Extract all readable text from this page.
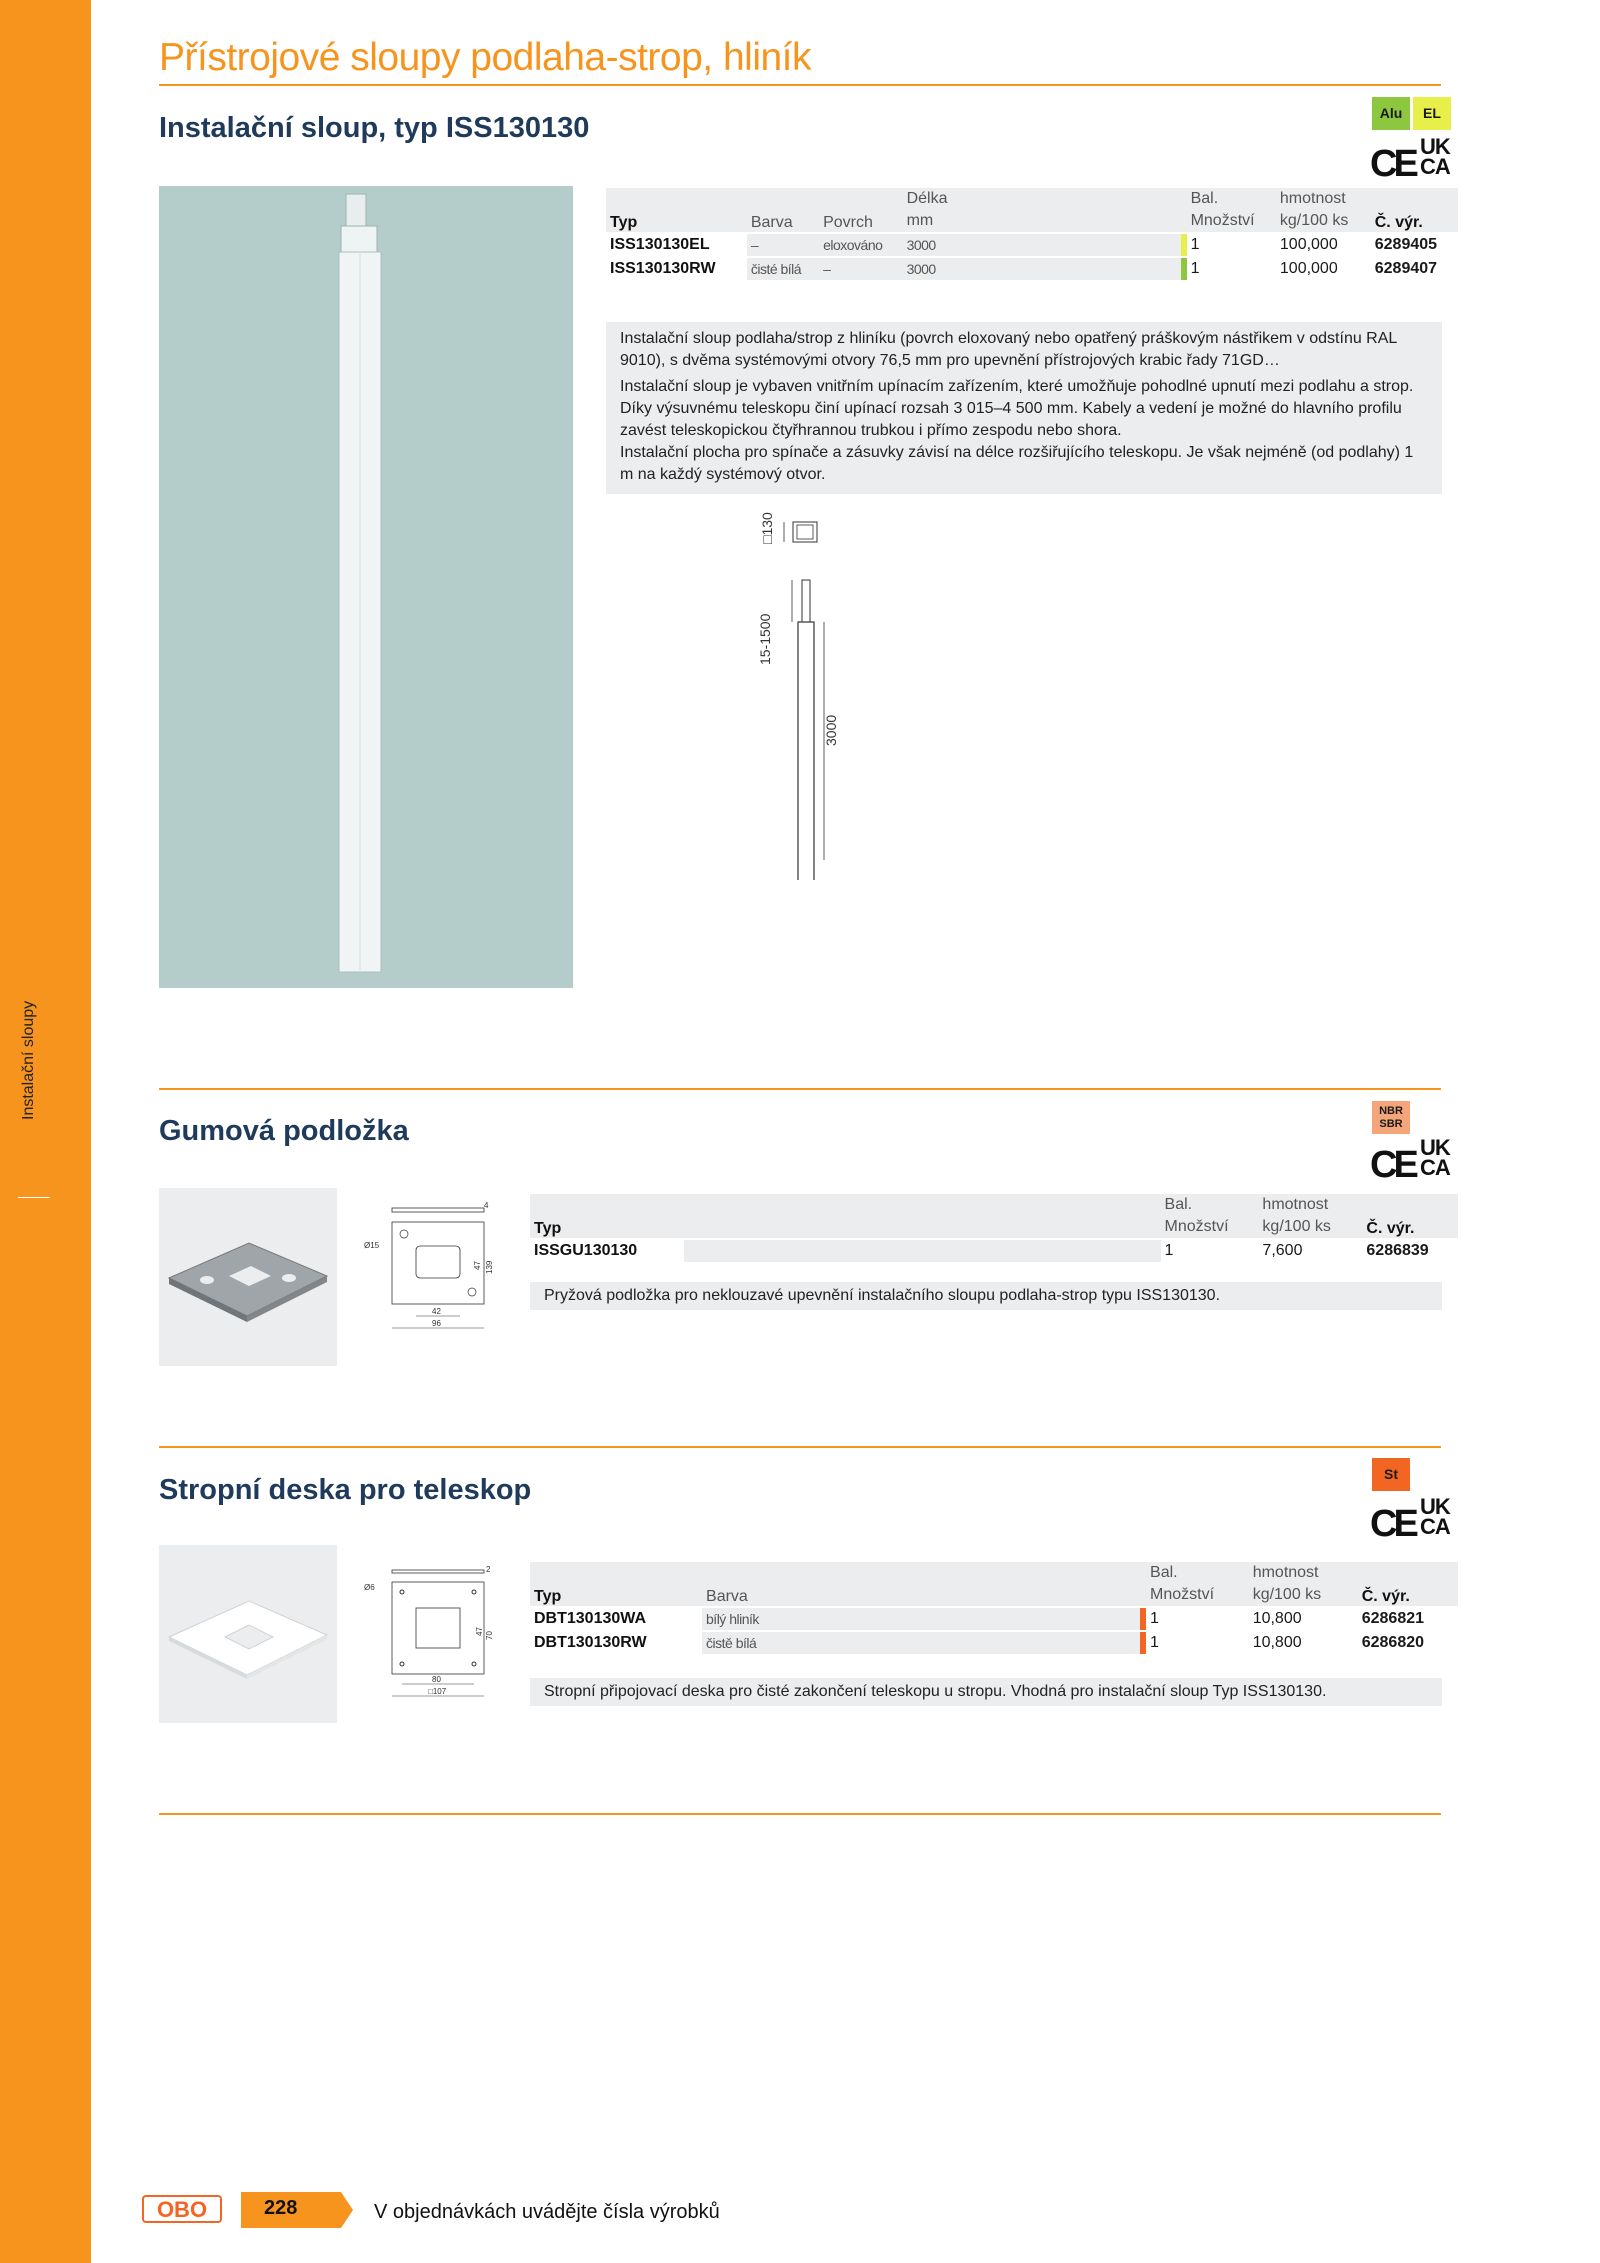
Instalační sloupy
Přístrojové sloupy podlaha-strop, hliník
Instalační sloup, typ ISS130130	Alu	EL
CE UK
CA
Typ	Barva	Povrch	Délka
mm		Bal.
Množství	hmotnost
kg/100 ks	Č. výr.
ISS130130EL	–	eloxováno	3000		1	100,000	6289405
ISS130130RW	čisté bílá	–	3000		1	100,000	6289407

Instalační sloup podlaha/strop z hliníku (povrch eloxovaný nebo opatřený práškovým nástřikem v odstínu RAL 9010), s dvěma systémovými otvory 76,5 mm pro upevnění přístrojových krabic řady 71GD…

Instalační sloup je vybaven vnitřním upínacím zařízením, které umožňuje pohodlné upnutí mezi podlahu a strop. Díky výsuvnému teleskopu činí upínací rozsah 3 015–4 500 mm. Kabely a vedení je možné do hlavního profilu zavést teleskopickou čtyřhrannou trubkou i přímo zespodu nebo shora.

Instalační plocha pro spínače a zásuvky závisí na délce rozšiřujícího teleskopu. Je však nejméně (od podlahy) 1 m na každý systémový otvor.

□130
15-1500
3000
Gumová podložka
NBR SBR
CE UK
CA
4
Ø15
47 139
42
96
Typ		Bal.
Množství	hmotnost
kg/100 ks	Č. výr.
ISSGU130130		1	7,600	6286839

Pryžová podložka pro neklouzavé upevnění instalačního sloupu podlaha-strop typu ISS130130.

Stropní deska pro teleskop	St
CE UK
CA
2
Ø6
47 70
80
□107
Typ	Barva		Bal.
Množství	hmotnost
kg/100 ks	Č. výr.
DBT130130WA	bílý hliník		1	10,800	6286821
DBT130130RW	čistě bílá		1	10,800	6286820

Stropní připojovací deska pro čisté zakončení teleskopu u stropu. Vhodná pro instalační sloup Typ ISS130130.

OBO	228	V objednávkách uvádějte čísla výrobků
